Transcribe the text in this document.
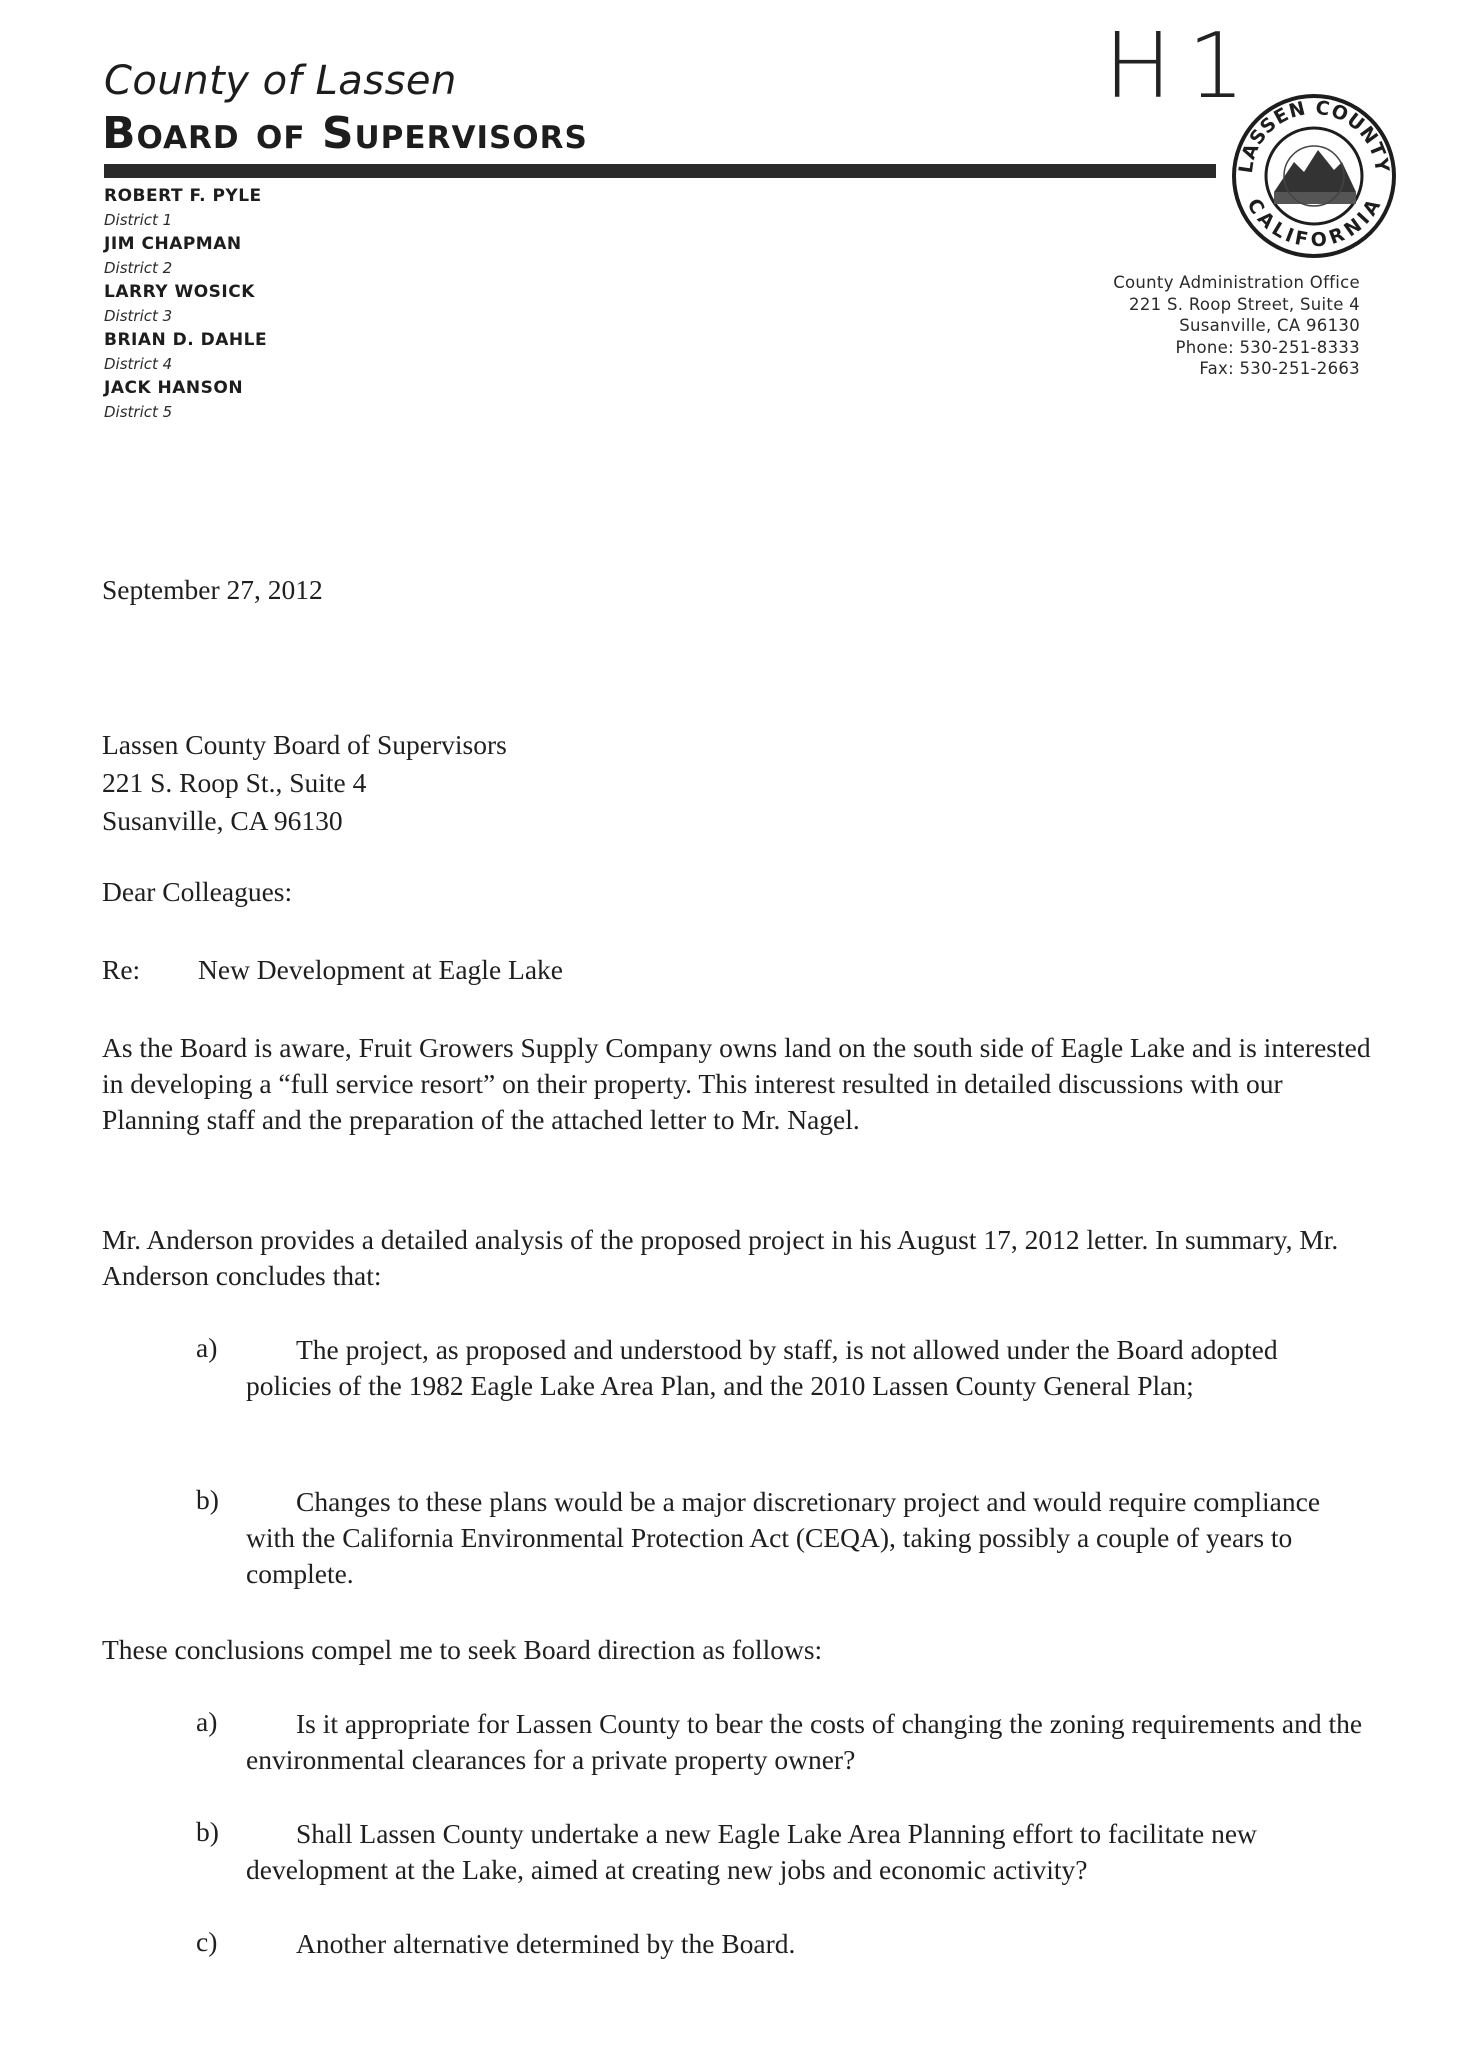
County of Lassen
Board of Supervisors
ROBERT F. PYLE
District 1
JIM CHAPMAN
District 2
LARRY WOSICK
District 3
BRIAN D. DAHLE
District 4
JACK HANSON
District 5
H1
LASSEN COUNTY
CALIFORNIA
County Administration Office
221 S. Roop Street, Suite 4
Susanville, CA 96130
Phone: 530-251-8333
Fax: 530-251-2663
September 27, 2012
Lassen County Board of Supervisors
221 S. Roop St., Suite 4
Susanville, CA 96130
Dear Colleagues:
Re: New Development at Eagle Lake

As the Board is aware, Fruit Growers Supply Company owns land on the south side of Eagle Lake and is interested in developing a “full service resort” on their property. This interest resulted in detailed discussions with our Planning staff and the preparation of the attached letter to Mr. Nagel.

Mr. Anderson provides a detailed analysis of the proposed project in his August 17, 2012 letter. In summary, Mr. Anderson concludes that:

a)	The project, as proposed and understood by staff, is not allowed under the Board adopted policies of the 1982 Eagle Lake Area Plan, and the 2010 Lassen County General Plan;

b)	Changes to these plans would be a major discretionary project and would require compliance with the California Environmental Protection Act (CEQA), taking possibly a couple of years to complete.

These conclusions compel me to seek Board direction as follows:

a)	Is it appropriate for Lassen County to bear the costs of changing the zoning requirements and the environmental clearances for a private property owner?

b)	Shall Lassen County undertake a new Eagle Lake Area Planning effort to facilitate new development at the Lake, aimed at creating new jobs and economic activity?

c)	Another alternative determined by the Board.
